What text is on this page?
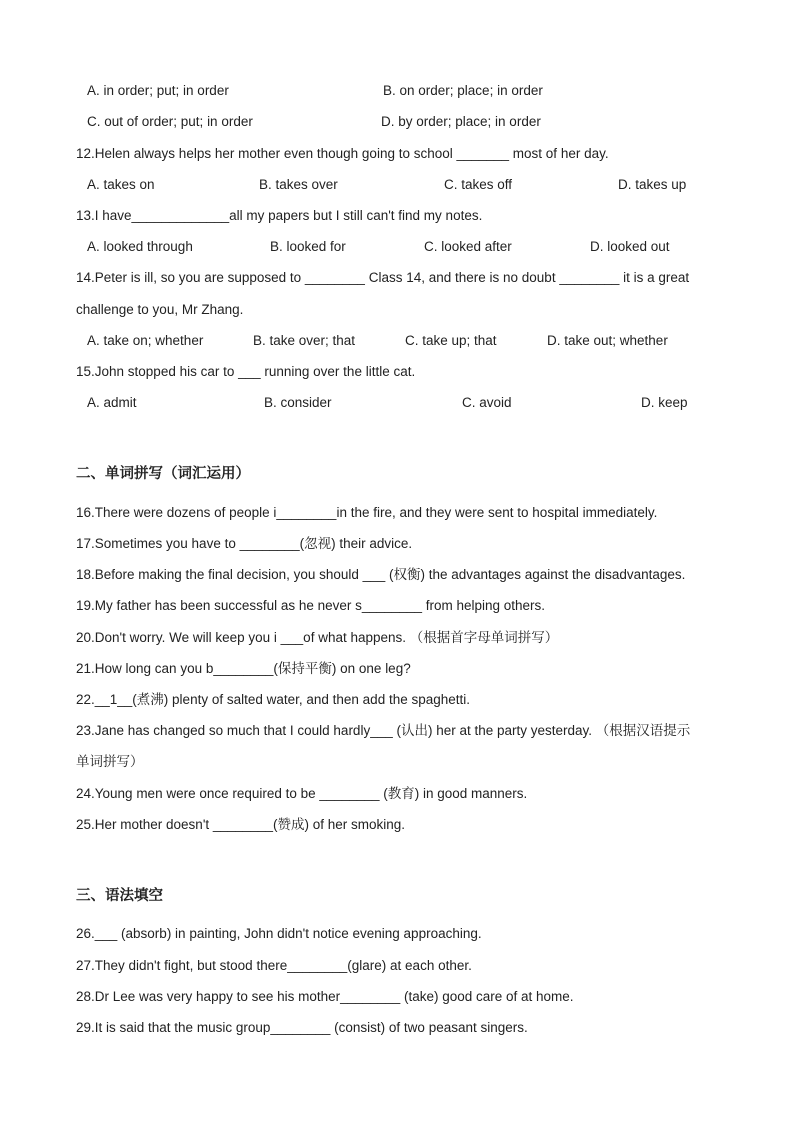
A. in order; put; in order	B. on order; place; in order
C. out of order; put; in order	D. by order; place; in order
12.Helen always helps her mother even though going to school _______ most of her day.
A. takes on	B. takes over	C. takes off	D. takes up
13.I have_____________all my papers but I still can't find my notes.
A. looked through	B. looked for	C. looked after	D. looked out
14.Peter is ill, so you are supposed to ________ Class 14, and there is no doubt ________ it is a great
challenge to you, Mr Zhang.
A. take on; whether	B. take over; that	C. take up; that	D. take out; whether
15.John stopped his car to ___ running over the little cat.
A. admit	B. consider	C. avoid	D. keep
二、单词拼写（词汇运用）
16.There were dozens of people i________in the fire, and they were sent to hospital immediately.
17.Sometimes you have to ________(忽视) their advice.
18.Before making the final decision, you should ___ (权衡) the advantages against the disadvantages.
19.My father has been successful as he never s________ from helping others.
20.Don't worry. We will keep you i ___of what happens. （根据首字母单词拼写）
21.How long can you b________(保持平衡) on one leg?
22.__1__(煮沸) plenty of salted water, and then add the spaghetti.
23.Jane has changed so much that I could hardly___ (认出) her at the party yesterday. （根据汉语提示
单词拼写）
24.Young men were once required to be ________ (教育) in good manners.
25.Her mother doesn't ________(赞成) of her smoking.
三、语法填空
26.___ (absorb) in painting, John didn't notice evening approaching.
27.They didn't fight, but stood there________(glare) at each other.
28.Dr Lee was very happy to see his mother________ (take) good care of at home.
29.It is said that the music group________ (consist) of two peasant singers.
